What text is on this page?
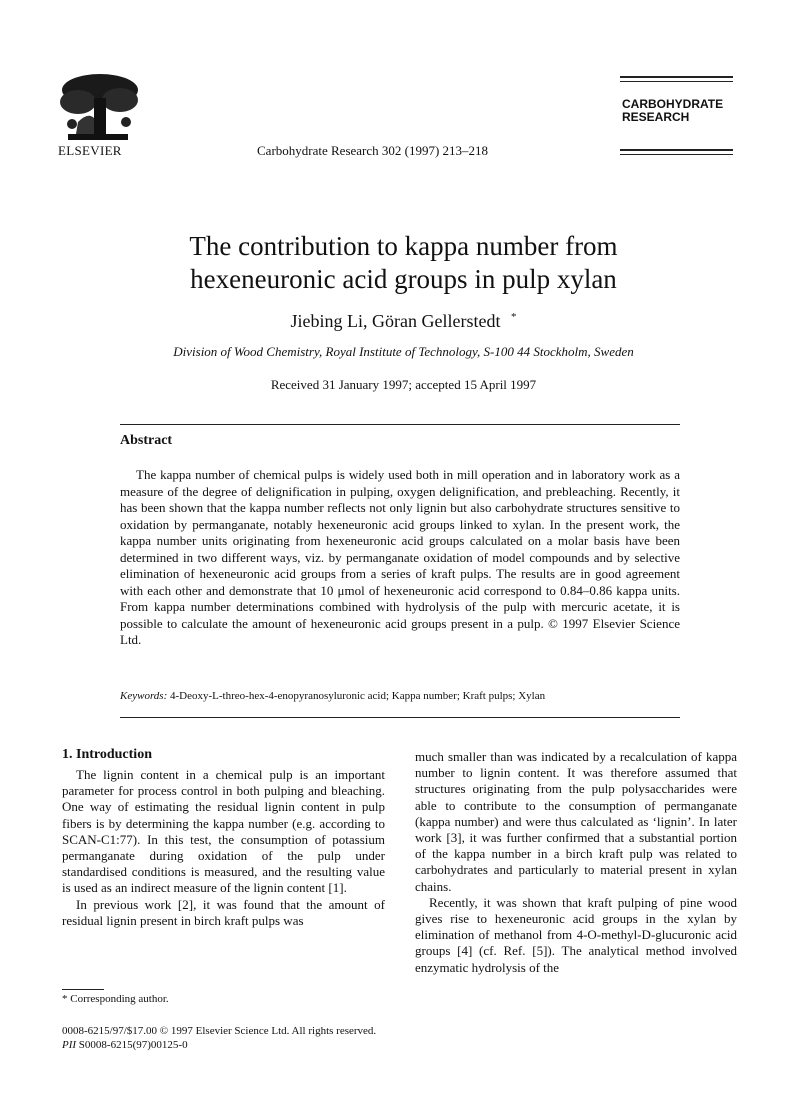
ELSEVIER	Carbohydrate Research 302 (1997) 213–218
CARBOHYDRATE
RESEARCH
The contribution to kappa number from
hexeneuronic acid groups in pulp xylan
Jiebing Li, Göran Gellerstedt *
Division of Wood Chemistry, Royal Institute of Technology, S-100 44 Stockholm, Sweden
Received 31 January 1997; accepted 15 April 1997
Abstract

The kappa number of chemical pulps is widely used both in mill operation and in laboratory work as a measure of the degree of delignification in pulping, oxygen delignification, and prebleaching. Recently, it has been shown that the kappa number reflects not only lignin but also carbohydrate structures sensitive to oxidation by permanganate, notably hexeneuronic acid groups linked to xylan. In the present work, the kappa number units originating from hexeneuronic acid groups calculated on a molar basis have been determined in two different ways, viz. by permanganate oxidation of model compounds and by selective elimination of hexeneuronic acid groups from a series of kraft pulps. The results are in good agreement with each other and demonstrate that 10 μmol of hexeneuronic acid correspond to 0.84–0.86 kappa units. From kappa number determinations combined with hydrolysis of the pulp with mercuric acetate, it is possible to calculate the amount of hexeneuronic acid groups present in a pulp. © 1997 Elsevier Science Ltd.

Keywords: 4-Deoxy-L-threo-hex-4-enopyranosyluronic acid; Kappa number; Kraft pulps; Xylan
1. Introduction

The lignin content in a chemical pulp is an important parameter for process control in both pulping and bleaching. One way of estimating the residual lignin content in pulp fibers is by determining the kappa number (e.g. according to SCAN-C1:77). In this test, the consumption of potassium permanganate during oxidation of the pulp under standardised conditions is measured, and the resulting value is used as an indirect measure of the lignin content [1].

In previous work [2], it was found that the amount of residual lignin present in birch kraft pulps was

much smaller than was indicated by a recalculation of kappa number to lignin content. It was therefore assumed that structures originating from the pulp polysaccharides were able to contribute to the consumption of permanganate (kappa number) and were thus calculated as ‘lignin’. In later work [3], it was further confirmed that a substantial portion of the kappa number in a birch kraft pulp was related to carbohydrates and particularly to material present in xylan chains.

Recently, it was shown that kraft pulping of pine wood gives rise to hexeneuronic acid groups in the xylan by elimination of methanol from 4-O-methyl-D-glucuronic acid groups [4] (cf. Ref. [5]). The analytical method involved enzymatic hydrolysis of the

* Corresponding author.
0008-6215/97/$17.00 © 1997 Elsevier Science Ltd. All rights reserved.
PII S0008-6215(97)00125-0
